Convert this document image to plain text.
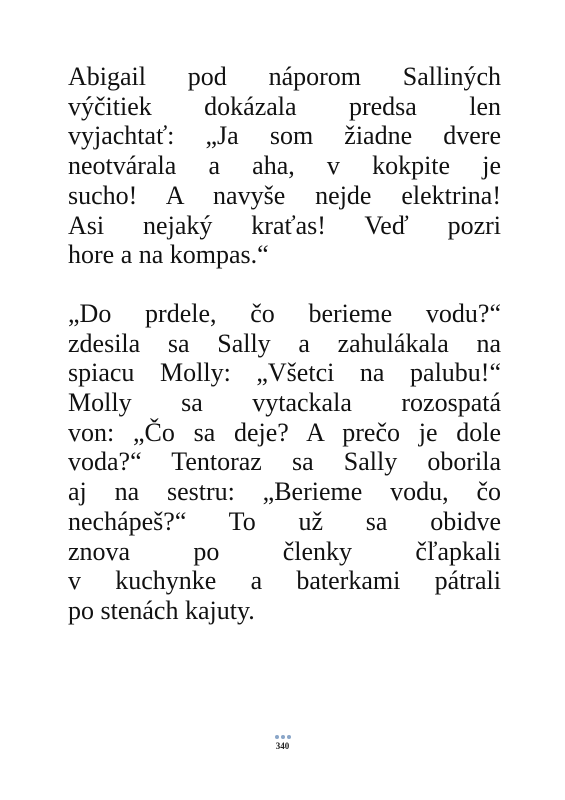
Abigail pod náporom Salliných
výčitiek dokázala predsa len
vyjachtať: „Ja som žiadne dvere
neotvárala a aha, v kokpite je
sucho! A navyše nejde elektrina!
Asi nejaký kraťas! Veď pozri
hore a na kompas.“

„Do prdele, čo berieme vodu?“
zdesila sa Sally a zahulákala na
spiacu Molly: „Všetci na palubu!“
Molly sa vytackala rozospatá
von: „Čo sa deje? A prečo je dole
voda?“ Tentoraz sa Sally oborila
aj na sestru: „Berieme vodu, čo
nechápeš?“ To už sa obidve
znova po členky čľapkali
v kuchynke a baterkami pátrali
po stenách kajuty.

340
